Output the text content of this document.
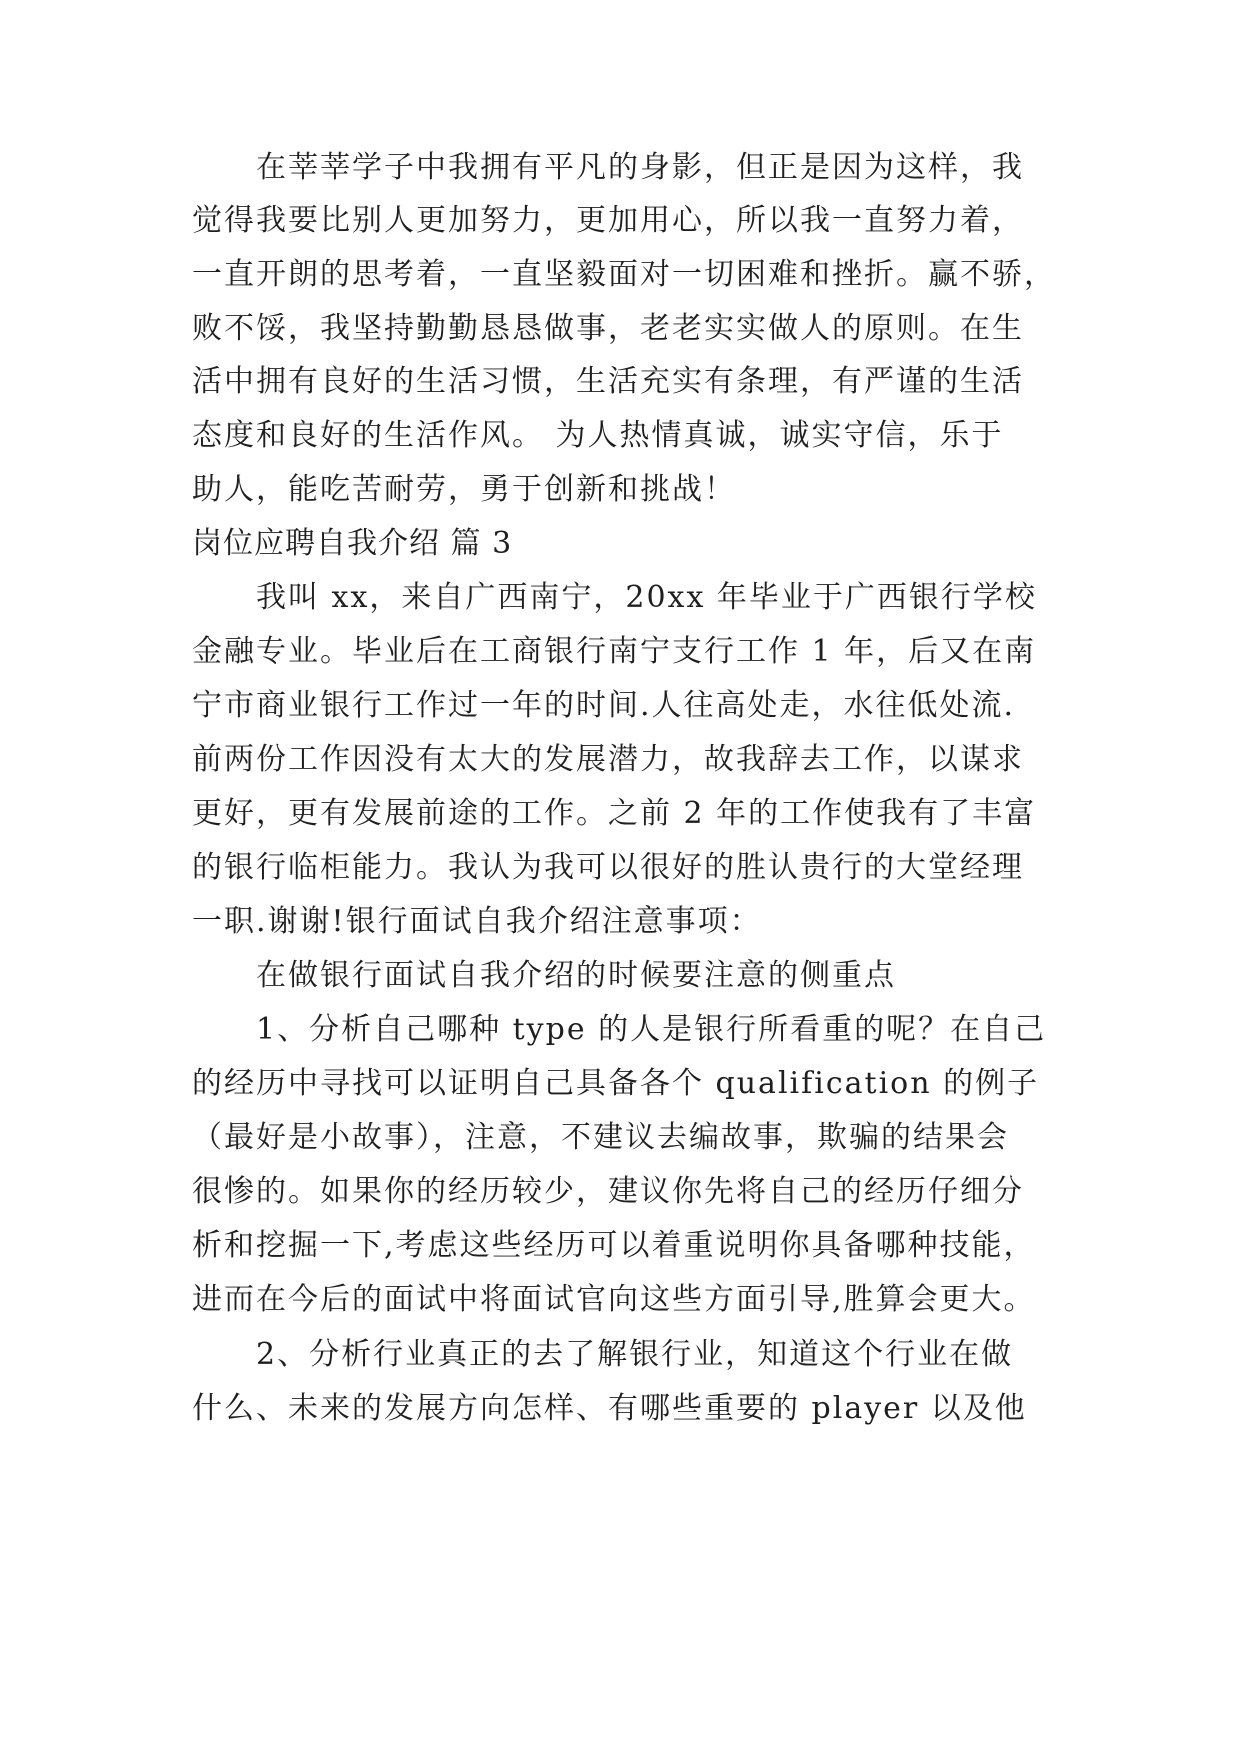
在莘莘学子中我拥有平凡的身影，但正是因为这样，我
觉得我要比别人更加努力，更加用心，所以我一直努力着，
一直开朗的思考着，一直坚毅面对一切困难和挫折。赢不骄，
败不馁，我坚持勤勤恳恳做事，老老实实做人的原则。在生
活中拥有良好的生活习惯，生活充实有条理，有严谨的生活
态度和良好的生活作风。 为人热情真诚，诚实守信，乐于
助人，能吃苦耐劳，勇于创新和挑战！
岗位应聘自我介绍 篇 3
我叫 xx，来自广西南宁，20xx 年毕业于广西银行学校
金融专业。毕业后在工商银行南宁支行工作 1 年，后又在南
宁市商业银行工作过一年的时间.人往高处走，水往低处流.
前两份工作因没有太大的发展潜力，故我辞去工作，以谋求
更好，更有发展前途的工作。之前 2 年的工作使我有了丰富
的银行临柜能力。我认为我可以很好的胜认贵行的大堂经理
一职.谢谢!银行面试自我介绍注意事项：
在做银行面试自我介绍的时候要注意的侧重点
1、分析自己哪种 type 的人是银行所看重的呢？在自己
的经历中寻找可以证明自己具备各个 qualification 的例子
（最好是小故事），注意，不建议去编故事，欺骗的结果会
很惨的。如果你的经历较少，建议你先将自己的经历仔细分
析和挖掘一下,考虑这些经历可以着重说明你具备哪种技能，
进而在今后的面试中将面试官向这些方面引导,胜算会更大。
2、分析行业真正的去了解银行业，知道这个行业在做
什么、未来的发展方向怎样、有哪些重要的 player 以及他
